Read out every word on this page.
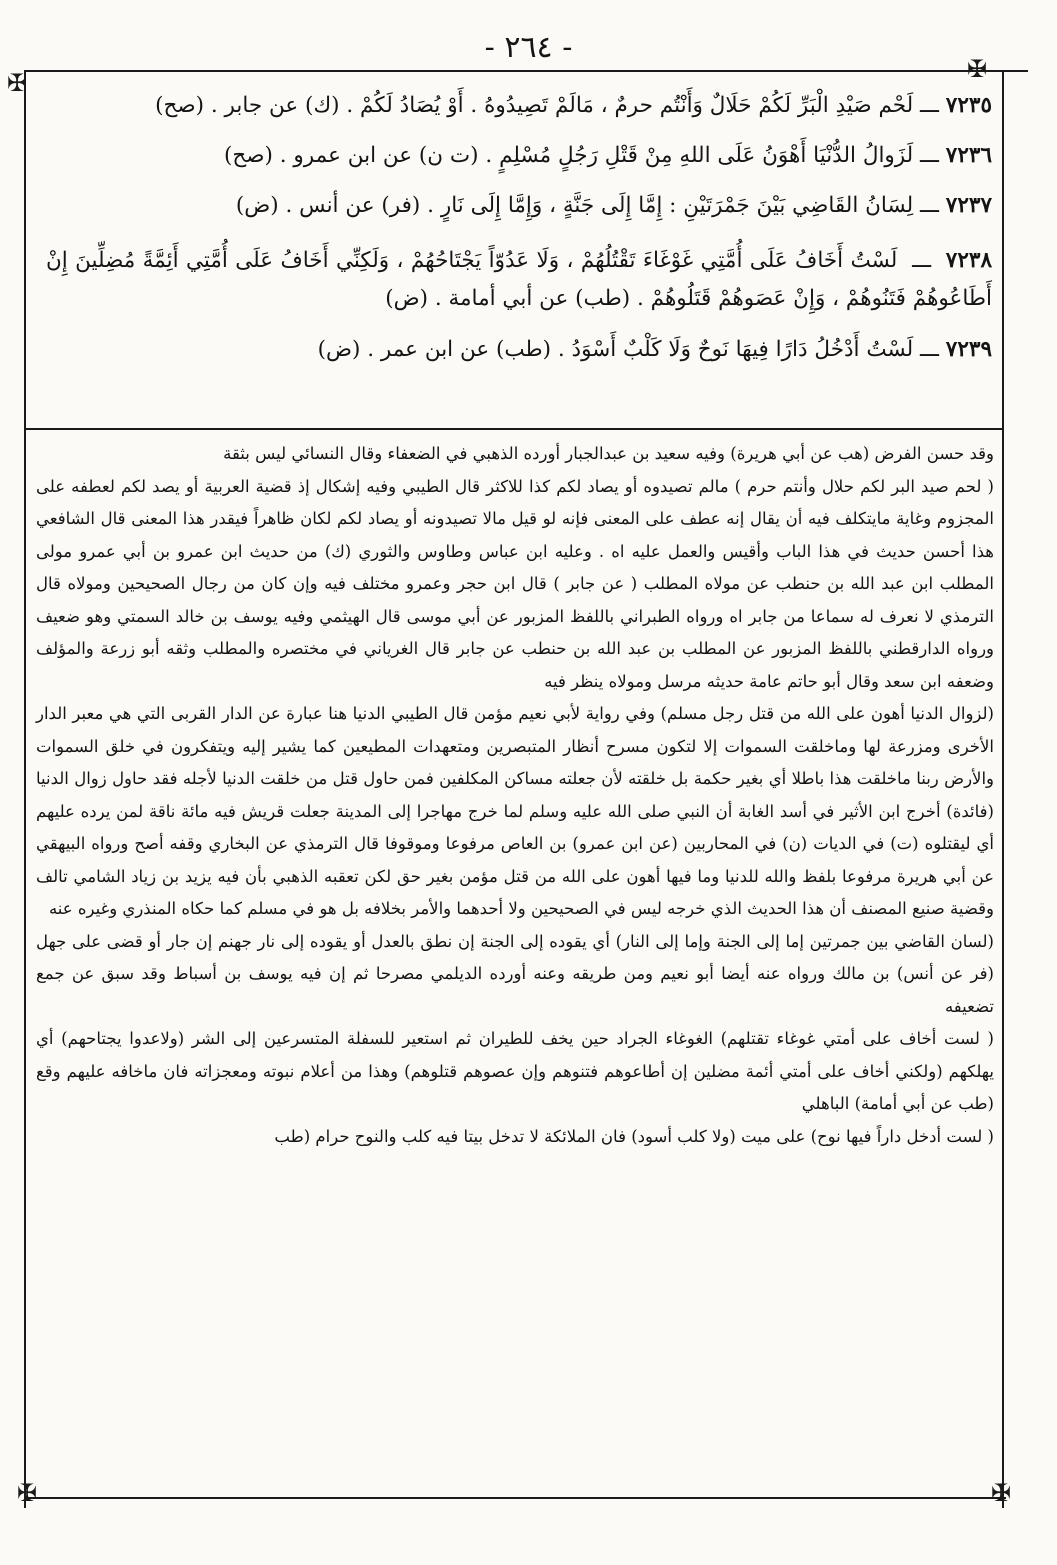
- ٢٦٤ -
✠	✠
✠	✠
٧٢٣٥
ـــ
لَحْم صَيْدِ الْبَرِّ لَكُمْ حَلَالٌ وَأَنْتُم حرمٌ ، مَالَمْ تَصِيدُوهُ . أَوْ يُصَادُ لَكُمْ . (ك) عن جابر . (صح)
٧٢٣٦
ـــ
لَزَوالُ الدُّنْيَا أَهْوَنُ عَلَى اللهِ مِنْ قَتْلِ رَجُلٍ مُسْلِمٍ . (ت ن) عن ابن عمرو . (صح)
٧٢٣٧
ـــ
لِسَانُ القَاضِي بَيْنَ جَمْرَتَيْنِ : إِمَّا إِلَى جَنَّةٍ ، وَإِمَّا إِلَى نَارٍ . (فر) عن أنس . (ض)
٧٢٣٨  ـــ  لَسْتُ أَخَافُ عَلَى أُمَّتِي غَوْغَاءَ تَقْتُلُهُمْ ، وَلَا عَدُوّاً يَجْتَاحُهُمْ ، وَلَكِنِّي أَخَافُ عَلَى أُمَّتِي أَئِمَّةً مُضِلِّينَ إِنْ أَطَاعُوهُمْ فَتَنُوهُمْ ، وَإِنْ عَصَوهُمْ قَتَلُوهُمْ . (طب) عن أبي أمامة . (ض)
٧٢٣٩
ـــ
لَسْتُ أَدْخُلُ دَارًا فِيهَا نَوحٌ وَلَا كَلْبٌ أَسْوَدُ . (طب) عن ابن عمر . (ض)

وقد حسن الفرض (هب عن أبي هريرة) وفيه سعيد بن عبدالجبار أورده الذهبي في الضعفاء وقال النسائي ليس بثقة

( لحم صيد البر لكم حلال وأنتم حرم ) مالم تصيدوه أو يصاد لكم كذا للاكثر قال الطيبي وفيه إشكال إذ قضية العربية أو يصد لكم لعطفه على المجزوم وغاية مايتكلف فيه أن يقال إنه عطف على المعنى فإنه لو قيل مالا تصيدونه أو يصاد لكم لكان ظاهراً فيقدر هذا المعنى قال الشافعي هذا أحسن حديث في هذا الباب وأقيس والعمل عليه اه . وعليه ابن عباس وطاوس والثوري (ك) من حديث ابن عمرو بن أبي عمرو مولى المطلب ابن عبد الله بن حنطب عن مولاه المطلب ( عن جابر ) قال ابن حجر وعمرو مختلف فيه وإن كان من رجال الصحيحين ومولاه قال الترمذي لا نعرف له سماعا من جابر اه ورواه الطبراني باللفظ المزبور عن أبي موسى قال الهيثمي وفيه يوسف بن خالد السمتي وهو ضعيف ورواه الدارقطني باللفظ المزبور عن المطلب بن عبد الله بن حنطب عن جابر قال الغرياني في مختصره والمطلب وثقه أبو زرعة والمؤلف وضعفه ابن سعد وقال أبو حاتم عامة حديثه مرسل ومولاه ينظر فيه

(لزوال الدنيا أهون على الله من قتل رجل مسلم) وفي رواية لأبي نعيم مؤمن قال الطيبي الدنيا هنا عبارة عن الدار القربى التي هي معبر الدار الأخرى ومزرعة لها وماخلقت السموات إلا لتكون مسرح أنظار المتبصرين ومتعهدات المطيعين كما يشير إليه ويتفكرون في خلق السموات والأرض ربنا ماخلقت هذا باطلا أي بغير حكمة بل خلقته لأن جعلته مساكن المكلفين فمن حاول قتل من خلقت الدنيا لأجله فقد حاول زوال الدنيا (فائدة) أخرج ابن الأثير في أسد الغابة أن النبي صلى الله عليه وسلم لما خرج مهاجرا إلى المدينة جعلت قريش فيه مائة ناقة لمن يرده عليهم أي ليقتلوه (ت) في الديات (ن) في المحاربين (عن ابن عمرو) بن العاص مرفوعا وموقوفا قال الترمذي عن البخاري وقفه أصح ورواه البيهقي عن أبي هريرة مرفوعا بلفظ والله للدنيا وما فيها أهون على الله من قتل مؤمن بغير حق لكن تعقبه الذهبي بأن فيه يزيد بن زياد الشامي تالف وقضية صنيع المصنف أن هذا الحديث الذي خرجه ليس في الصحيحين ولا أحدهما والأمر بخلافه بل هو في مسلم كما حكاه المنذري وغيره عنه

(لسان القاضي بين جمرتين إما إلى الجنة وإما إلى النار) أي يقوده إلى الجنة إن نطق بالعدل أو يقوده إلى نار جهنم إن جار أو قضى على جهل (فر عن أنس) بن مالك ورواه عنه أيضا أبو نعيم ومن طريقه وعنه أورده الديلمي مصرحا ثم إن فيه يوسف بن أسباط وقد سبق عن جمع تضعيفه

( لست أخاف على أمتي غوغاء تقتلهم) الغوغاء الجراد حين يخف للطيران ثم استعير للسفلة المتسرعين إلى الشر (ولاعدوا يجتاحهم) أي يهلكهم (ولكني أخاف على أمتي أئمة مضلين إن أطاعوهم فتنوهم وإن عصوهم قتلوهم) وهذا من أعلام نبوته ومعجزاته فان ماخافه عليهم وقع (طب عن أبي أمامة) الباهلي

( لست أدخل داراً فيها نوح) على ميت (ولا كلب أسود) فان الملائكة لا تدخل بيتا فيه كلب والنوح حرام (طب
